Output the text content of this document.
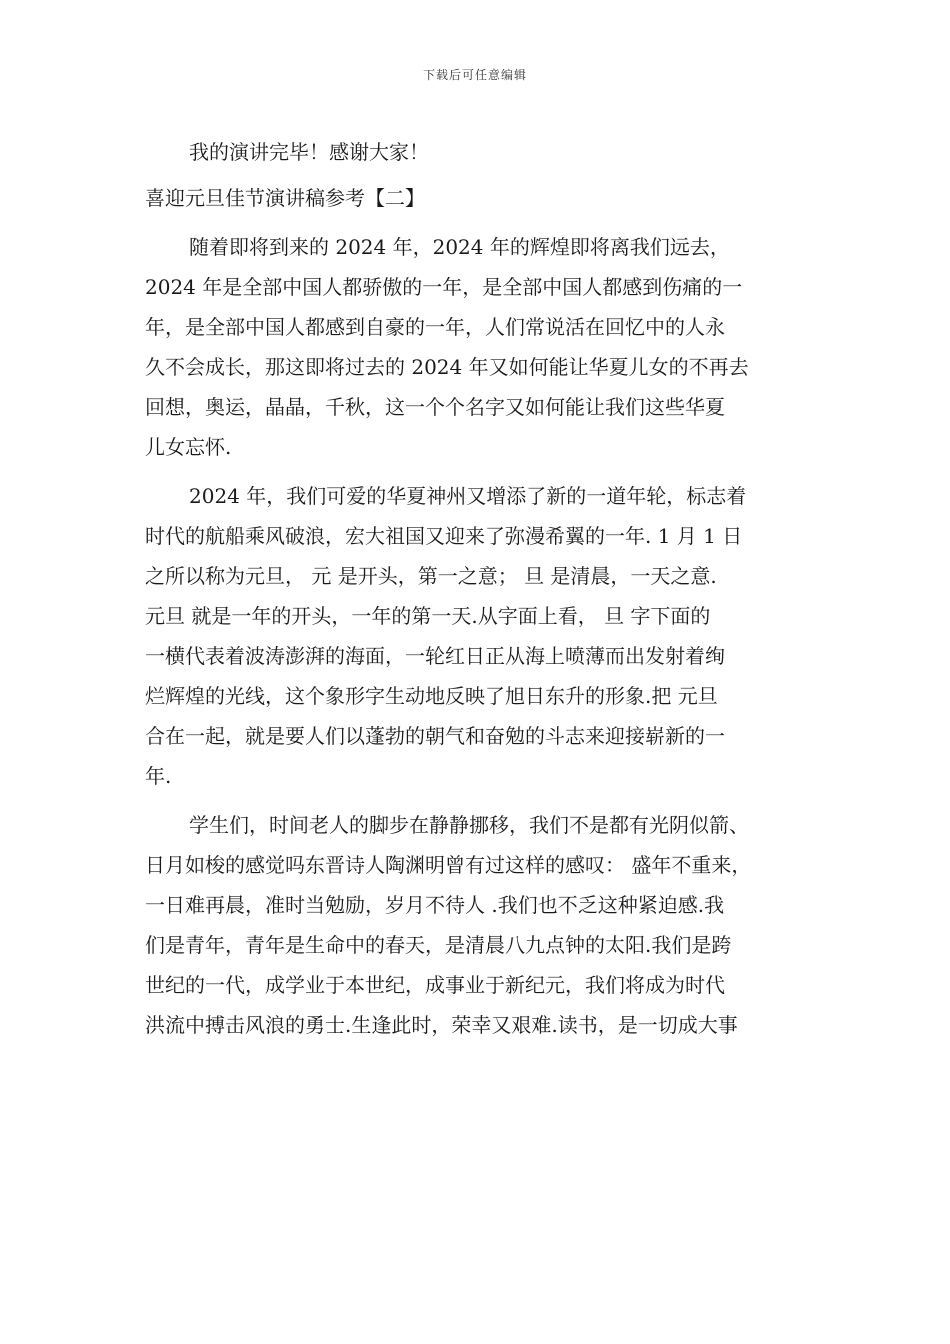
下载后可任意编辑
我的演讲完毕！感谢大家！
喜迎元旦佳节演讲稿参考【二】
随着即将到来的 2024 年，2024 年的辉煌即将离我们远去，
2024 年是全部中国人都骄傲的一年，是全部中国人都感到伤痛的一
年，是全部中国人都感到自豪的一年，人们常说活在回忆中的人永
久不会成长，那这即将过去的 2024 年又如何能让华夏儿女的不再去
回想，奥运，晶晶，千秋，这一个个名字又如何能让我们这些华夏
儿女忘怀.
2024 年，我们可爱的华夏神州又增添了新的一道年轮，标志着
时代的航船乘风破浪，宏大祖国又迎来了弥漫希翼的一年. 1 月 1 日
之所以称为元旦， 元 是开头，第一之意； 旦 是清晨，一天之意.
元旦 就是一年的开头，一年的第一天.从字面上看， 旦 字下面的
一横代表着波涛澎湃的海面，一轮红日正从海上喷薄而出发射着绚
烂辉煌的光线，这个象形字生动地反映了旭日东升的形象.把 元旦
合在一起，就是要人们以蓬勃的朝气和奋勉的斗志来迎接崭新的一
年.
学生们，时间老人的脚步在静静挪移，我们不是都有光阴似箭、
日月如梭的感觉吗东晋诗人陶渊明曾有过这样的感叹： 盛年不重来，
一日难再晨，准时当勉励，岁月不待人 .我们也不乏这种紧迫感.我
们是青年，青年是生命中的春天，是清晨八九点钟的太阳.我们是跨
世纪的一代，成学业于本世纪，成事业于新纪元，我们将成为时代
洪流中搏击风浪的勇士.生逢此时，荣幸又艰难.读书，是一切成大事
